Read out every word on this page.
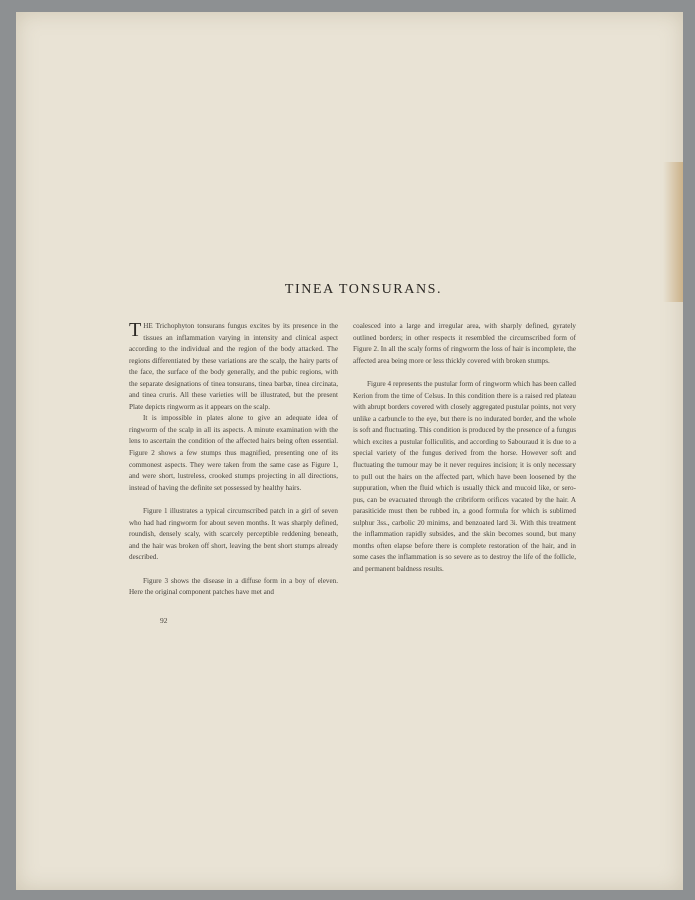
TINEA TONSURANS.

THE Trichophyton tonsurans fungus excites by its presence in the tissues an inflammation varying in intensity and clinical aspect according to the individual and the region of the body attacked. The regions differentiated by these variations are the scalp, the hairy parts of the face, the surface of the body generally, and the pubic regions, with the separate designations of tinea tonsurans, tinea barbæ, tinea circinata, and tinea cruris. All these varieties will be illustrated, but the present Plate depicts ringworm as it appears on the scalp.

It is impossible in plates alone to give an adequate idea of ringworm of the scalp in all its aspects. A minute examination with the lens to ascertain the condition of the affected hairs being often essential. Figure 2 shows a few stumps thus magnified, presenting one of its commonest aspects. They were taken from the same case as Figure 1, and were short, lustreless, crooked stumps projecting in all directions, instead of having the definite set possessed by healthy hairs.

Figure 1 illustrates a typical circumscribed patch in a girl of seven who had had ringworm for about seven months. It was sharply defined, roundish, densely scaly, with scarcely perceptible reddening beneath, and the hair was broken off short, leaving the bent short stumps already described.

Figure 3 shows the disease in a diffuse form in a boy of eleven. Here the original component patches have met and

coalesced into a large and irregular area, with sharply defined, gyrately outlined borders; in other respects it resembled the circumscribed form of Figure 2. In all the scaly forms of ringworm the loss of hair is incomplete, the affected area being more or less thickly covered with broken stumps.

Figure 4 represents the pustular form of ringworm which has been called Kerion from the time of Celsus. In this condition there is a raised red plateau with abrupt borders covered with closely aggregated pustular points, not very unlike a carbuncle to the eye, but there is no indurated border, and the whole is soft and fluctuating. This condition is produced by the presence of a fungus which excites a pustular folliculitis, and according to Sabouraud it is due to a special variety of the fungus derived from the horse. However soft and fluctuating the tumour may be it never requires incision; it is only necessary to pull out the hairs on the affected part, which have been loosened by the suppuration, when the fluid which is usually thick and mucoid like, or sero-pus, can be evacuated through the cribriform orifices vacated by the hair. A parasiticide must then be rubbed in, a good formula for which is sublimed sulphur 3ss., carbolic 20 minims, and benzoated lard 3i. With this treatment the inflammation rapidly subsides, and the skin becomes sound, but many months often elapse before there is complete restoration of the hair, and in some cases the inflammation is so severe as to destroy the life of the follicle, and permanent baldness results.

92
